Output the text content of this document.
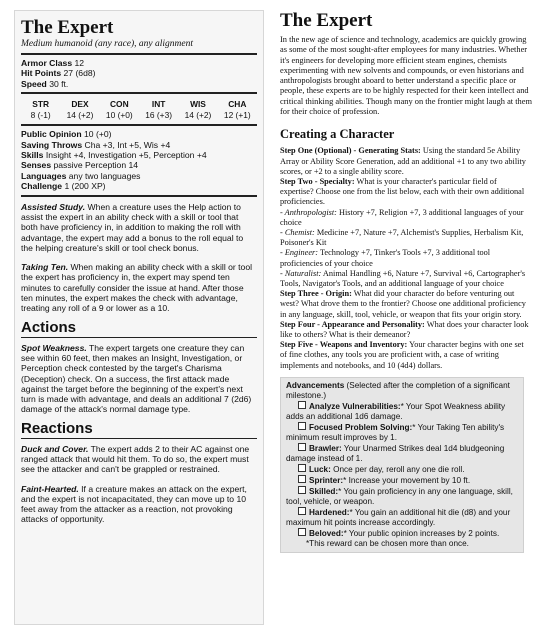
The Expert

Medium humanoid (any race), any alignment

Armor Class 12

Hit Points 27 (6d8)

Speed 30 ft.

STR
8 (-1)
DEX
14 (+2)
CON
10 (+0)
INT
16 (+3)
WIS
14 (+2)
CHA
12 (+1)

Public Opinion 10 (+0)

Saving Throws Cha +3, Int +5, Wis +4

Skills Insight +4, Investigation +5, Perception +4

Senses passive Perception 14

Languages any two languages

Challenge 1 (200 XP)

Assisted Study. When a creature uses the Help action to assist the expert in an ability check with a skill or tool that both have proficiency in, in addition to making the roll with advantage, the expert may add a bonus to the roll equal to the helping creature's skill or tool check bonus.

Taking Ten. When making an ability check with a skill or tool the expert has proficiency in, the expert may spend ten minutes to carefully consider the issue at hand. After those ten minutes, the expert makes the check with advantage, treating any roll of a 9 or lower as a 10.

Actions

Spot Weakness. The expert targets one creature they can see within 60 feet, then makes an Insight, Investigation, or Perception check contested by the target's Charisma (Deception) check. On a success, the first attack made against the target before the beginning of the expert's next turn is made with advantage, and deals an additional 7 (2d6) damage of the attack's normal damage type.

Reactions

Duck and Cover. The expert adds 2 to their AC against one ranged attack that would hit them. To do so, the expert must see the attacker and can't be grappled or restrained.

Faint-Hearted. If a creature makes an attack on the expert, and the expert is not incapacitated, they can move up to 10 feet away from the attacker as a reaction, not provoking attacks of opportunity.

The Expert

In the new age of science and technology, academics are quickly growing as some of the most sought-after employees for many industries. Whether it's engineers for developing more efficient steam engines, chemists experimenting with new solvents and compounds, or even historians and anthropologists brought aboard to better understand a specific place or people, these experts are to be highly respected for their keen intellect and critical thinking abilities. Though many on the frontier might laugh at them for their choice of profession.

Creating a Character

Step One (Optional) - Generating Stats: Using the standard 5e Ability Array or Ability Score Generation, add an additional +1 to any two ability scores, or +2 to a single ability score.

Step Two - Specialty: What is your character's particular field of expertise? Choose one from the list below, each with their own additional proficiencies.

- Anthropologist: History +7, Religion +7, 3 additional languages of your choice

- Chemist: Medicine +7, Nature +7, Alchemist's Supplies, Herbalism Kit, Poisoner's Kit

- Engineer: Technology +7, Tinker's Tools +7, 3 additional tool proficiencies of your choice

- Naturalist: Animal Handling +6, Nature +7, Survival +6, Cartographer's Tools, Navigator's Tools, and an additional language of your choice

Step Three - Origin: What did your character do before venturing out west? What drove them to the frontier? Choose one additional proficiency in any language, skill, tool, vehicle, or weapon that fits your origin story.

Step Four - Appearance and Personality: What does your character look like to others? What is their demeanor?

Step Five - Weapons and Inventory: Your character begins with one set of fine clothes, any tools you are proficient with, a case of writing implements and notebooks, and 10 (4d4) dollars.

Advancements (Selected after the completion of a significant milestone.)

Analyze Vulnerabilities:* Your Spot Weakness ability adds an additional 1d6 damage.

Focused Problem Solving:* Your Taking Ten ability's minimum result improves by 1.

Brawler: Your Unarmed Strikes deal 1d4 bludgeoning damage instead of 1.

Luck: Once per day, reroll any one die roll.

Sprinter:* Increase your movement by 10 ft.

Skilled:* You gain proficiency in any one language, skill, tool, vehicle, or weapon.

Hardened:* You gain an additional hit die (d8) and your maximum hit points increase accordingly.

Beloved:* Your public opinion increases by 2 points.

*This reward can be chosen more than once.
